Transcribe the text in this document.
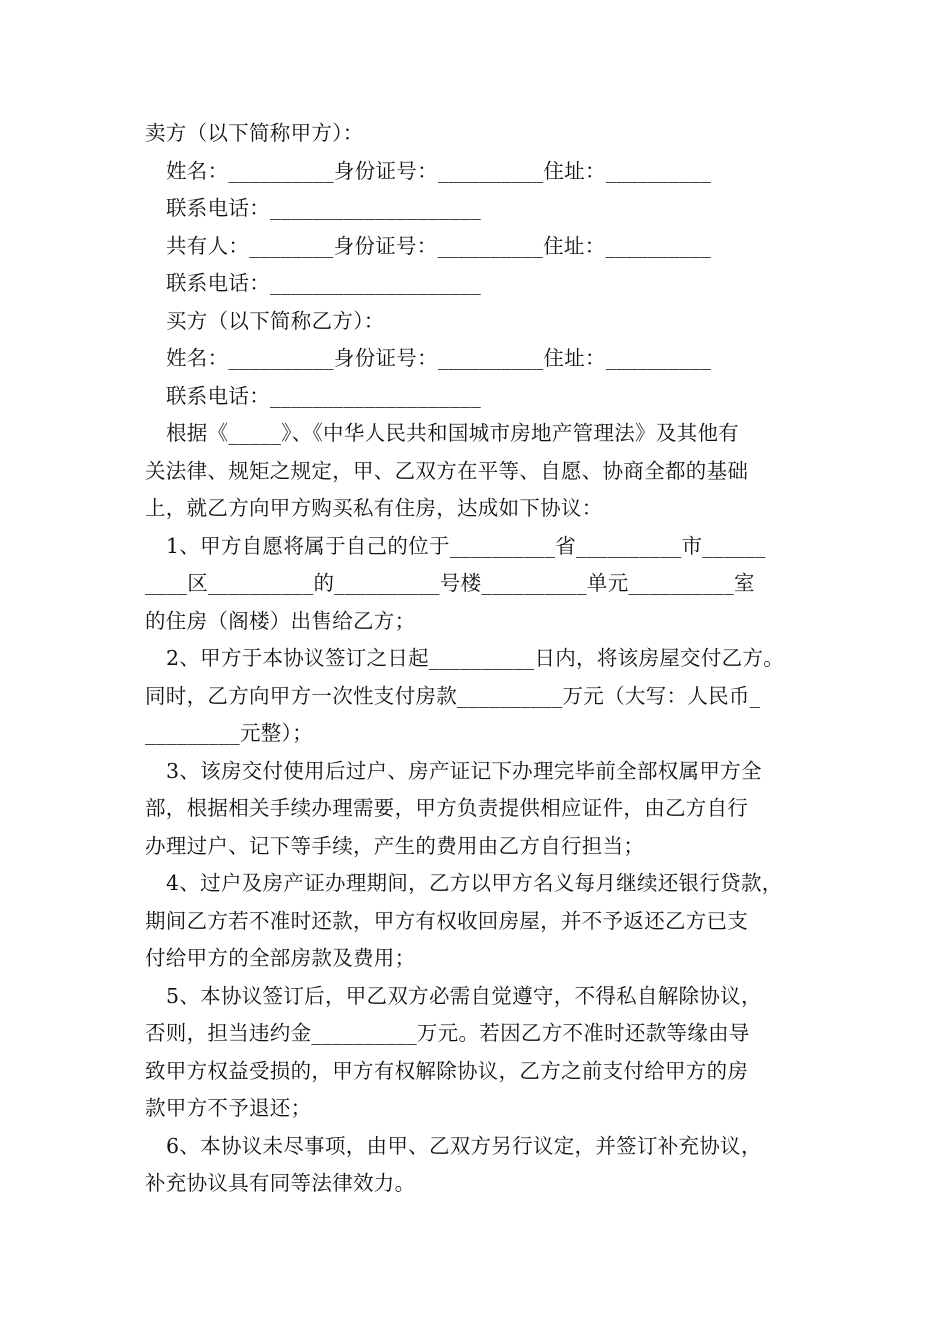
卖方（以下简称甲方）：
姓名：__________身份证号：__________住址：__________
联系电话：____________________
共有人：________身份证号：__________住址：__________
联系电话：____________________
买方（以下简称乙方）：
姓名：__________身份证号：__________住址：__________
联系电话：____________________
根据《_____》、《中华人民共和国城市房地产管理法》及其他有
关法律、规矩之规定，甲、乙双方在平等、自愿、协商全都的基础
上，就乙方向甲方购买私有住房，达成如下协议：
1、甲方自愿将属于自己的位于__________省__________市______
____区__________的__________号楼__________单元__________室
的住房（阁楼）出售给乙方；
2、甲方于本协议签订之日起__________日内，将该房屋交付乙方。
同时，乙方向甲方一次性支付房款__________万元（大写：人民币_
_________元整）；
3、该房交付使用后过户、房产证记下办理完毕前全部权属甲方全
部，根据相关手续办理需要，甲方负责提供相应证件，由乙方自行
办理过户、记下等手续，产生的费用由乙方自行担当；
4、过户及房产证办理期间，乙方以甲方名义每月继续还银行贷款，
期间乙方若不准时还款，甲方有权收回房屋，并不予返还乙方已支
付给甲方的全部房款及费用；
5、本协议签订后，甲乙双方必需自觉遵守，不得私自解除协议，
否则，担当违约金__________万元。若因乙方不准时还款等缘由导
致甲方权益受损的，甲方有权解除协议，乙方之前支付给甲方的房
款甲方不予退还；
6、本协议未尽事项，由甲、乙双方另行议定，并签订补充协议，
补充协议具有同等法律效力。
